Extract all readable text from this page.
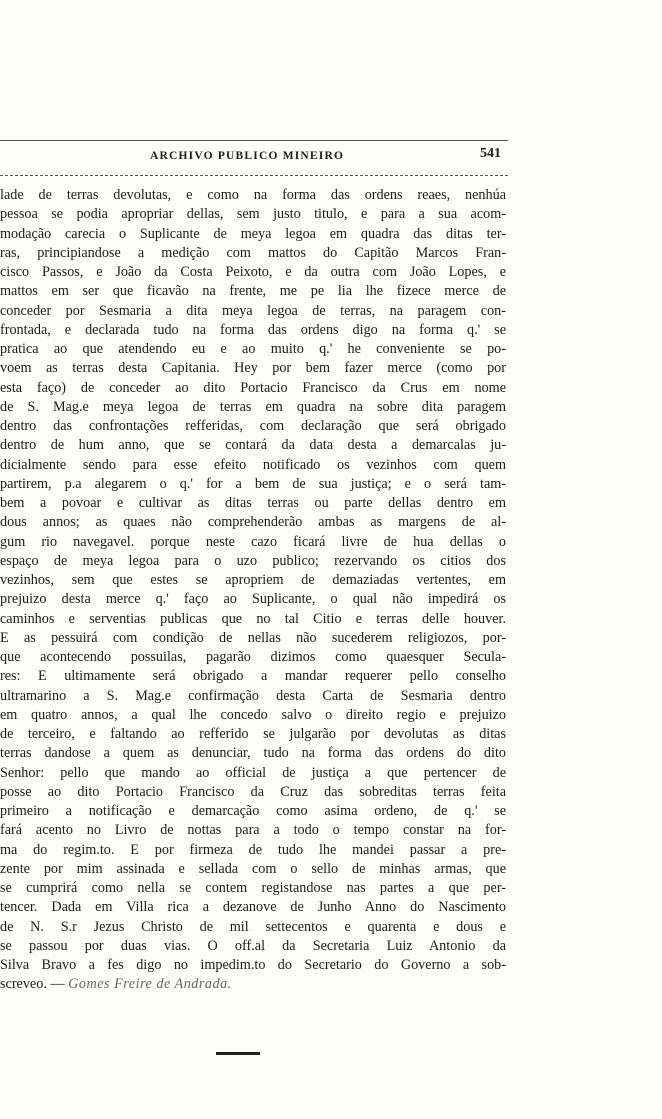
ARCHIVO PUBLICO MINEIRO	541
lade de terras devolutas, e como na forma das ordens reaes, nenhúa
pessoa se podia apropriar dellas, sem justo titulo, e para a sua acom-
modação carecia o Suplicante de meya legoa em quadra das ditas ter-
ras, principiandose a medição com mattos do Capitão Marcos Fran-
cisco Passos, e João da Costa Peixoto, e da outra com João Lopes, e
mattos em ser que ficavão na frente, me pe lia lhe fizece merce de
conceder por Sesmaria a dita meya legoa de terras, na paragem con-
frontada, e declarada tudo na forma das ordens digo na forma q.' se
pratica ao que atendendo eu e ao muito q.' he conveniente se po-
voem as terras desta Capitania. Hey por bem fazer merce (como por
esta faço) de conceder ao dito Portacio Francisco da Crus em nome
de S. Mag.e meya legoa de terras em quadra na sobre dita paragem
dentro das confrontações refferidas, com declaração que será obrigado
dentro de hum anno, que se contará da data desta a demarcalas ju-
dicialmente sendo para esse efeito notificado os vezinhos com quem
partirem, p.a alegarem o q.' for a bem de sua justiça; e o será tam-
bem a povoar e cultivar as ditas terras ou parte dellas dentro em
dous annos; as quaes não comprehenderão ambas as margens de al-
gum rio navegavel. porque neste cazo ficará livre de hua dellas o
espaço de meya legoa para o uzo publico; rezervando os citios dos
vezinhos, sem que estes se apropriem de demaziadas vertentes, em
prejuizo desta merce q.' faço ao Suplicante, o qual não impedirá os
caminhos e serventias publicas que no tal Citio e terras delle houver.
E as pessuirá com condição de nellas não sucederem religiozos, por-
que acontecendo possuilas, pagarão dizimos como quaesquer Secula-
res: E ultimamente será obrigado a mandar requerer pello conselho
ultramarino a S. Mag.e confirmação desta Carta de Sesmaria dentro
em quatro annos, a qual lhe concedo salvo o direito regio e prejuizo
de terceiro, e faltando ao refferido se julgarão por devolutas as ditas
terras dandose a quem as denunciar, tudo na forma das ordens do dito
Senhor: pello que mando ao official de justiça a que pertencer de
posse ao dito Portacio Francisco da Cruz das sobreditas terras feita
primeiro a notificação e demarcação como asima ordeno, de q.' se
fará acento no Livro de nottas para a todo o tempo constar na for-
ma do regim.to. E por firmeza de tudo lhe mandei passar a pre-
zente por mim assinada e sellada com o sello de minhas armas, que
se cumprirá como nella se contem registandose nas partes a que per-
tencer. Dada em Villa rica a dezanove de Junho Anno do Nascimento
de N. S.r Jezus Christo de mil settecentos e quarenta e dous e
se passou por duas vias. O off.al da Secretaria Luiz Antonio da
Silva Bravo a fes digo no impedim.to do Secretario do Governo a sob-
screveo. — Gomes Freire de Andrada.
